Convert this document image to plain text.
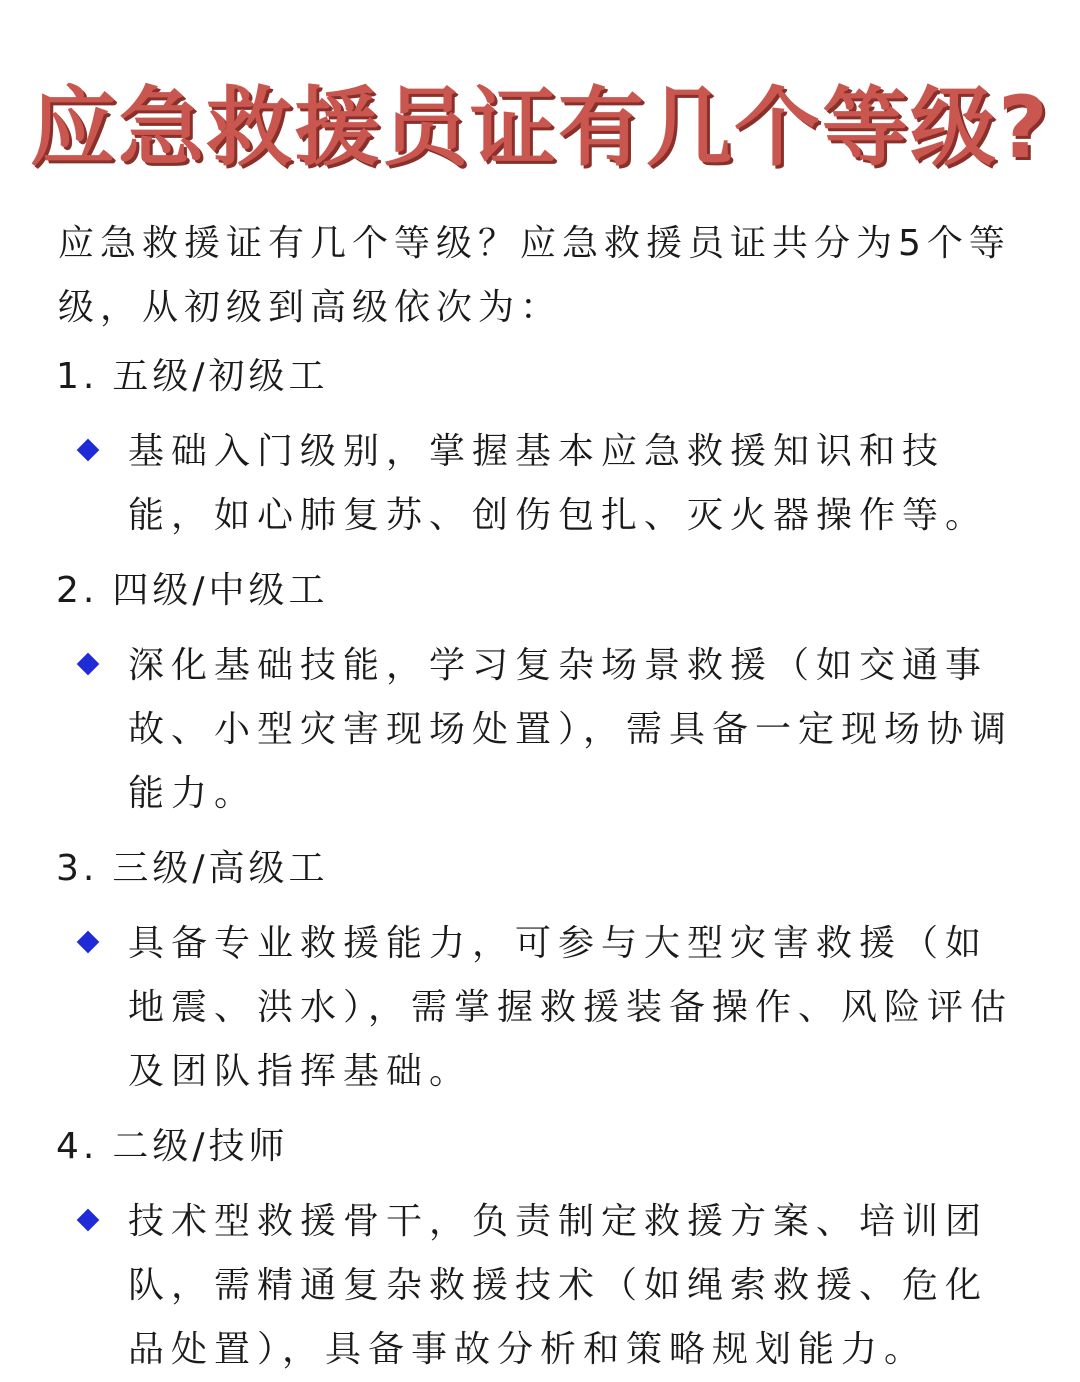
应急救援员证有几个等级?

应急救援证有几个等级？应急救援员证共分为5个等级，从初级到高级依次为：

1. 五级/初级工

基础入门级别，掌握基本应急救援知识和技能，如心肺复苏、创伤包扎、灭火器操作等。

2. 四级/中级工

深化基础技能，学习复杂场景救援（如交通事故、小型灾害现场处置），需具备一定现场协调能力。

3. 三级/高级工

具备专业救援能力，可参与大型灾害救援（如地震、洪水），需掌握救援装备操作、风险评估及团队指挥基础。

4. 二级/技师

技术型救援骨干，负责制定救援方案、培训团队，需精通复杂救援技术（如绳索救援、危化品处置），具备事故分析和策略规划能力。
